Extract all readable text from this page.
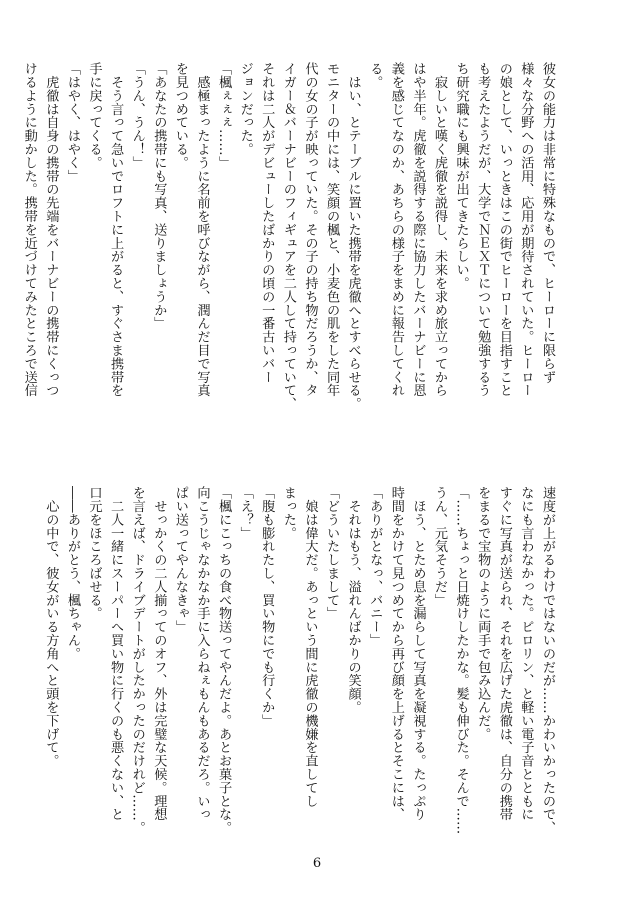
彼女の能力は非常に特殊なもので、ヒーローに限らず
様々な分野への活用、応用が期待されていた。ヒーロー
の娘として、いっときはこの街でヒーローを目指すこと
も考えたようだが、大学でＮＥＸＴについて勉強するう
ち研究職にも興味が出てきたらしい。
　寂しいと嘆く虎徹を説得し、未来を求め旅立ってから
はや半年。虎徹を説得する際に協力したバーナビーに恩
義を感じてなのか、あちらの様子をまめに報告してくれ
る。
　はい、とテーブルに置いた携帯を虎徹へとすべらせる。
モニターの中には、笑顔の楓と、小麦色の肌をした同年
代の女の子が映っていた。その子の持ち物だろうか、タ
イガー＆バーナビーのフィギュアを二人して持っていて、
それは二人がデビューしたばかりの頃の一番古いバー
ジョンだった。
「楓ぇぇぇ……」
　感極まったように名前を呼びながら、潤んだ目で写真
を見つめている。
「あなたの携帯にも写真、送りましょうか」
「うん、うん！」
　そう言って急いでロフトに上がると、すぐさま携帯を
手に戻ってくる。
「はやく、はやく」
　虎徹は自身の携帯の先端をバーナビーの携帯にくっつ
けるように動かした。携帯を近づけてみたところで送信
速度が上がるわけではないのだが……かわいかったので、
なにも言わなかった。ピロリン、と軽い電子音とともに
すぐに写真が送られ、それを広げた虎徹は、自分の携帯
をまるで宝物のように両手で包み込んだ。
「……ちょっと日焼けしたかな。髪も伸びた。そんで……
うん、元気そうだ」
　ほう、とため息を漏らして写真を凝視する。たっぷり
時間をかけて見つめてから再び顔を上げるとそこには、
「ありがとなっ、バニー」
　それはもう、溢れんばかりの笑顔。
「どういたしまして」
　娘は偉大だ。あっという間に虎徹の機嫌を直してし
まった。
「腹も膨れたし、買い物にでも行くか」
「え？」
「楓にこっちの食べ物送ってやんだよ。あとお菓子とな。
向こうじゃなかなか手に入らねぇもんもあるだろ。いっ
ぱい送ってやんなきゃ」
　せっかくの二人揃ってのオフ、外は完璧な天候。理想
を言えば、ドライブデートがしたかったのだけれど……。
　二人一緒にスーパーへ買い物に行くのも悪くない、と
口元をほころばせる。
――ありがとう、楓ちゃん。
　心の中で、彼女がいる方角へと頭を下げて。
6
